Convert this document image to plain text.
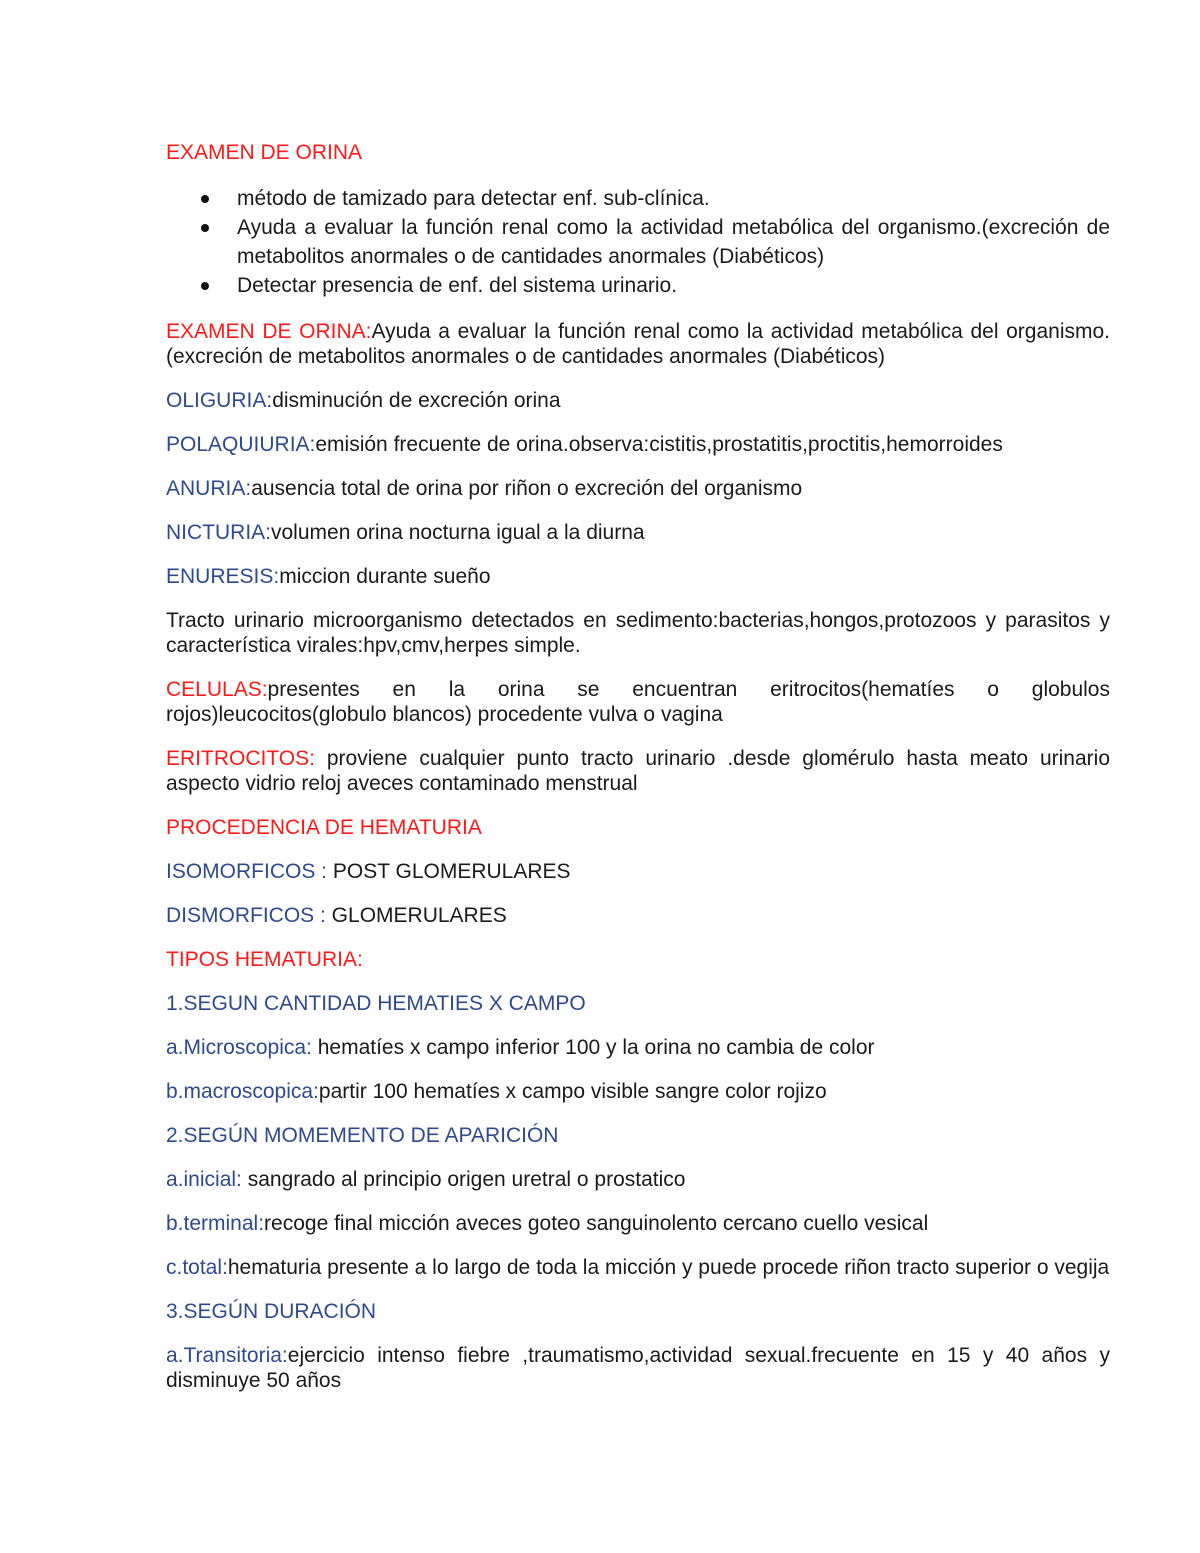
EXAMEN DE ORINA

método de tamizado para detectar enf. sub-clínica.
Ayuda a evaluar la función renal como la actividad metabólica del organismo.(excreción de metabolitos anormales o de cantidades anormales (Diabéticos)
Detectar presencia de enf. del sistema urinario.

EXAMEN DE ORINA:Ayuda a evaluar la función renal como la actividad metabólica del organismo.(excreción de metabolitos anormales o de cantidades anormales (Diabéticos)

OLIGURIA:disminución de excreción orina

POLAQUIURIA:emisión frecuente de orina.observa:cistitis,prostatitis,proctitis,hemorroides

ANURIA:ausencia total de orina por riñon o excreción del organismo

NICTURIA:volumen orina nocturna igual a la diurna

ENURESIS:miccion durante sueño

Tracto urinario microorganismo detectados en sedimento:bacterias,hongos,protozoos y parasitos y característica virales:hpv,cmv,herpes simple.

CELULAS:presentes en la orina se encuentran eritrocitos(hematíes o globulos rojos)leucocitos(globulo blancos) procedente vulva o vagina

ERITROCITOS: proviene cualquier punto tracto urinario .desde glomérulo hasta meato urinario aspecto vidrio reloj aveces contaminado menstrual

PROCEDENCIA DE HEMATURIA

ISOMORFICOS : POST GLOMERULARES

DISMORFICOS : GLOMERULARES

TIPOS HEMATURIA:

1.SEGUN CANTIDAD HEMATIES X CAMPO

a.Microscopica: hematíes x campo inferior 100 y la orina no cambia de color

b.macroscopica:partir 100 hematíes x campo visible sangre color rojizo

2.SEGÚN MOMEMENTO DE APARICIÓN

a.inicial: sangrado al principio origen uretral o prostatico

b.terminal:recoge final micción aveces goteo sanguinolento cercano cuello vesical

c.total:hematuria presente a lo largo de toda la micción y puede procede riñon tracto superior o vegija

3.SEGÚN DURACIÓN

a.Transitoria:ejercicio intenso fiebre ,traumatismo,actividad sexual.frecuente en 15 y 40 años y disminuye 50 años
